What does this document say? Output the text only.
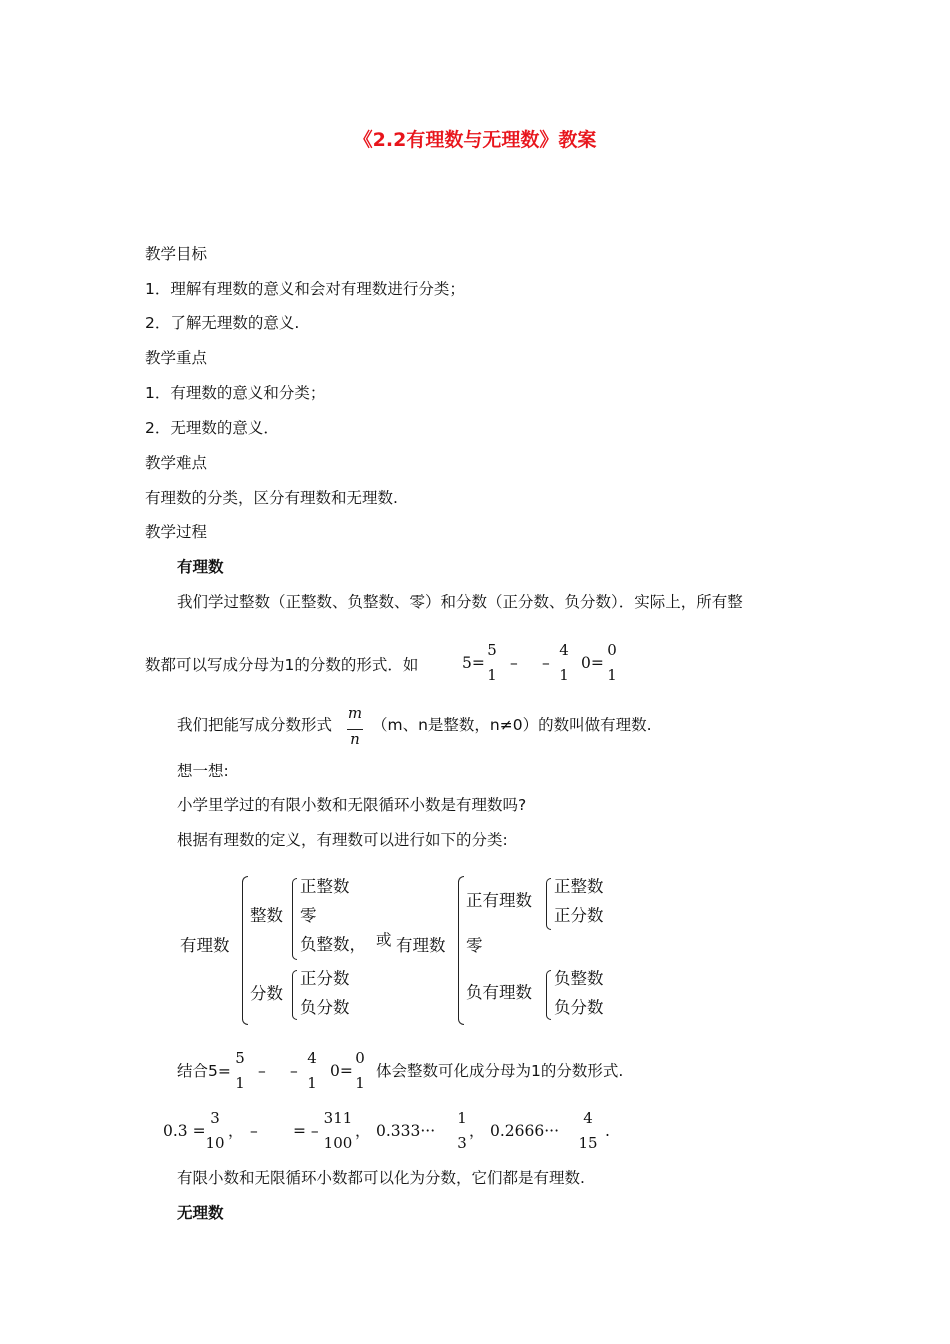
《2.2有理数与无理数》教案
教学目标
1．理解有理数的意义和会对有理数进行分类；
2．了解无理数的意义.
教学重点
1．有理数的意义和分类；
2．无理数的意义．
教学难点
有理数的分类，区分有理数和无理数.
教学过程
有理数
我们学过整数（正整数、负整数、零）和分数（正分数、负分数）．实际上，所有整
数都可以写成分母为1的分数的形式．如	5=
5
1
– –
4
1
0=
0
1
我们把能写成分数形式 $\frac{m}{n} (m$、n是整数，n≠0）的数叫做有理数.
想一想:
小学里学过的有限小数和无限循环小数是有理数吗?
根据有理数的定义，有理数可以进行如下的分类:
有理数
整数
正整数
零
负整数，
分数
正分数
负分数
或 有理数
正有理数
正整数
正分数
零
负有理数
负整数
负分数
结合5=
5
1
– –
4
1
0=
0
1
体会整数可化成分母为1的分数形式.
0.3 =
3
10
， – = –
311
100
， 0.333···
1
3
， 0.2666···
4
15
.
有限小数和无限循环小数都可以化为分数，它们都是有理数.
无理数
